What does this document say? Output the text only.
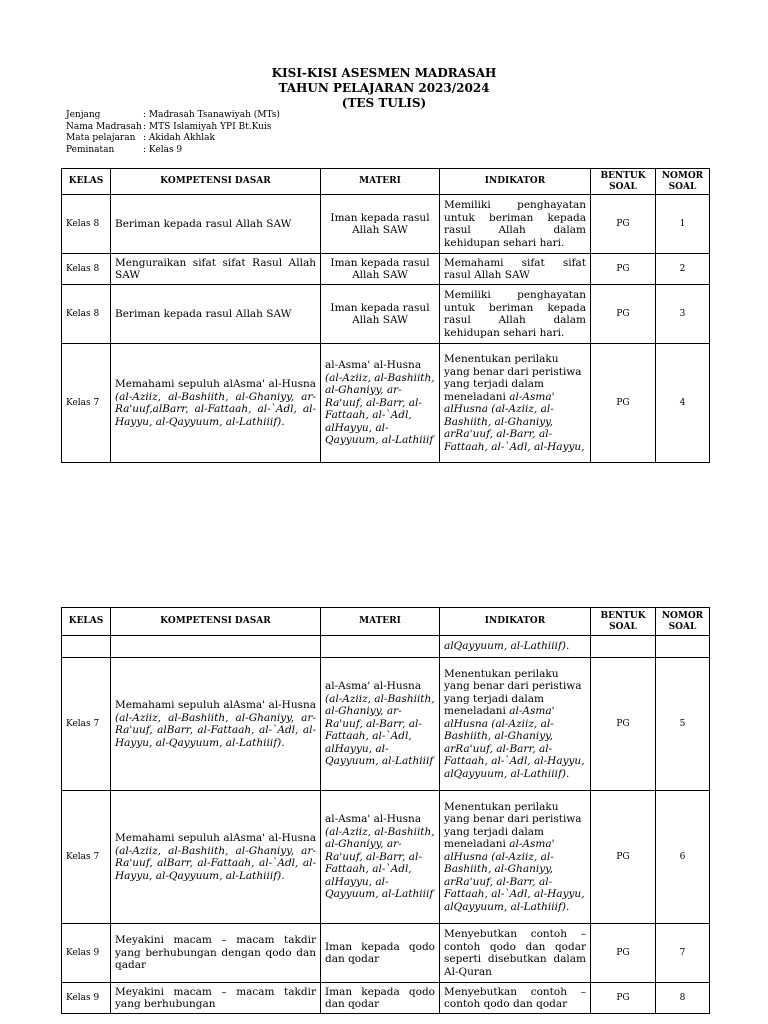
KISI-KISI ASESMEN MADRASAH
TAHUN PELAJARAN 2023/2024
(TES TULIS)
Jenjang	: Madrasah Tsanawiyah (MTs)
Nama Madrasah : MTS Islamiyah YPI Bt.Kuis
Mata pelajaran : Akidah Akhlak
Peminatan	: Kelas 9
KELAS	KOMPETENSI DASAR	MATERI	INDIKATOR	BENTUK SOAL	NOMOR SOAL
Kelas 8	Beriman kepada rasul Allah SAW	Iman kepada rasul Allah SAW	Memiliki penghayatan untuk beriman kepada rasul Allah dalam kehidupan sehari hari.	PG	1
Kelas 8	Menguraikan sifat sifat Rasul Allah SAW	Iman kepada rasul Allah SAW	Memahami sifat sifat rasul Allah SAW	PG	2
Kelas 8	Beriman kepada rasul Allah SAW	Iman kepada rasul Allah SAW	Memiliki penghayatan untuk beriman kepada rasul Allah dalam kehidupan sehari hari.	PG	3
Kelas 7	Memahami sepuluh alAsma' al-Husna (al-Aziiz, al-Bashiith, al-Ghaniyy, ar-Ra'uuf,alBarr, al-Fattaah, al-`Adl, al-Hayyu, al-Qayyuum, al-Lathiiif).	al-Asma' al-Husna (al-Aziiz, al-Bashiith, al-Ghaniyy, ar-Ra'uuf, al-Barr, al-Fattaah, al-`Adl, alHayyu, al-Qayyuum, al-Lathiiif	Menentukan perilaku yang benar dari peristiwa yang terjadi dalam meneladani al-Asma' alHusna (al-Aziiz, al-Bashiith, al-Ghaniyy, arRa'uuf, al-Barr, al-Fattaah, al-`Adl, al-Hayyu,	PG	4
KELAS	KOMPETENSI DASAR	MATERI	INDIKATOR	BENTUK SOAL	NOMOR SOAL
			alQayyuum, al-Lathiiif).		
Kelas 7	Memahami sepuluh alAsma' al-Husna (al-Aziiz, al-Bashiith, al-Ghaniyy, ar-Ra'uuf, alBarr, al-Fattaah, al-`Adl, al-Hayyu, al-Qayyuum, al-Lathiiif).	al-Asma' al-Husna (al-Aziiz, al-Bashiith, al-Ghaniyy, ar-Ra'uuf, al-Barr, al-Fattaah, al-`Adl, alHayyu, al-Qayyuum, al-Lathiiif	Menentukan perilaku yang benar dari peristiwa yang terjadi dalam meneladani al-Asma' alHusna (al-Aziiz, al-Bashiith, al-Ghaniyy, arRa'uuf, al-Barr, al-Fattaah, al-`Adl, al-Hayyu, alQayyuum, al-Lathiiif).	PG	5
Kelas 7	Memahami sepuluh alAsma' al-Husna (al-Aziiz, al-Bashiith, al-Ghaniyy, ar-Ra'uuf, alBarr, al-Fattaah, al-`Adl, al-Hayyu, al-Qayyuum, al-Lathiiif).	al-Asma' al-Husna (al-Aziiz, al-Bashiith, al-Ghaniyy, ar-Ra'uuf, al-Barr, al-Fattaah, al-`Adl, alHayyu, al-Qayyuum, al-Lathiiif	Menentukan perilaku yang benar dari peristiwa yang terjadi dalam meneladani al-Asma' alHusna (al-Aziiz, al-Bashiith, al-Ghaniyy, arRa'uuf, al-Barr, al-Fattaah, al-`Adl, al-Hayyu, alQayyuum, al-Lathiiif).	PG	6
Kelas 9	Meyakini macam – macam takdir yang berhubungan dengan qodo dan qadar	Iman kepada qodo dan qodar	Menyebutkan contoh – contoh qodo dan qodar seperti disebutkan dalam Al-Quran	PG	7
Kelas 9	Meyakini macam – macam takdir yang berhubungan	Iman kepada qodo dan qodar	Menyebutkan contoh – contoh qodo dan qodar	PG	8
